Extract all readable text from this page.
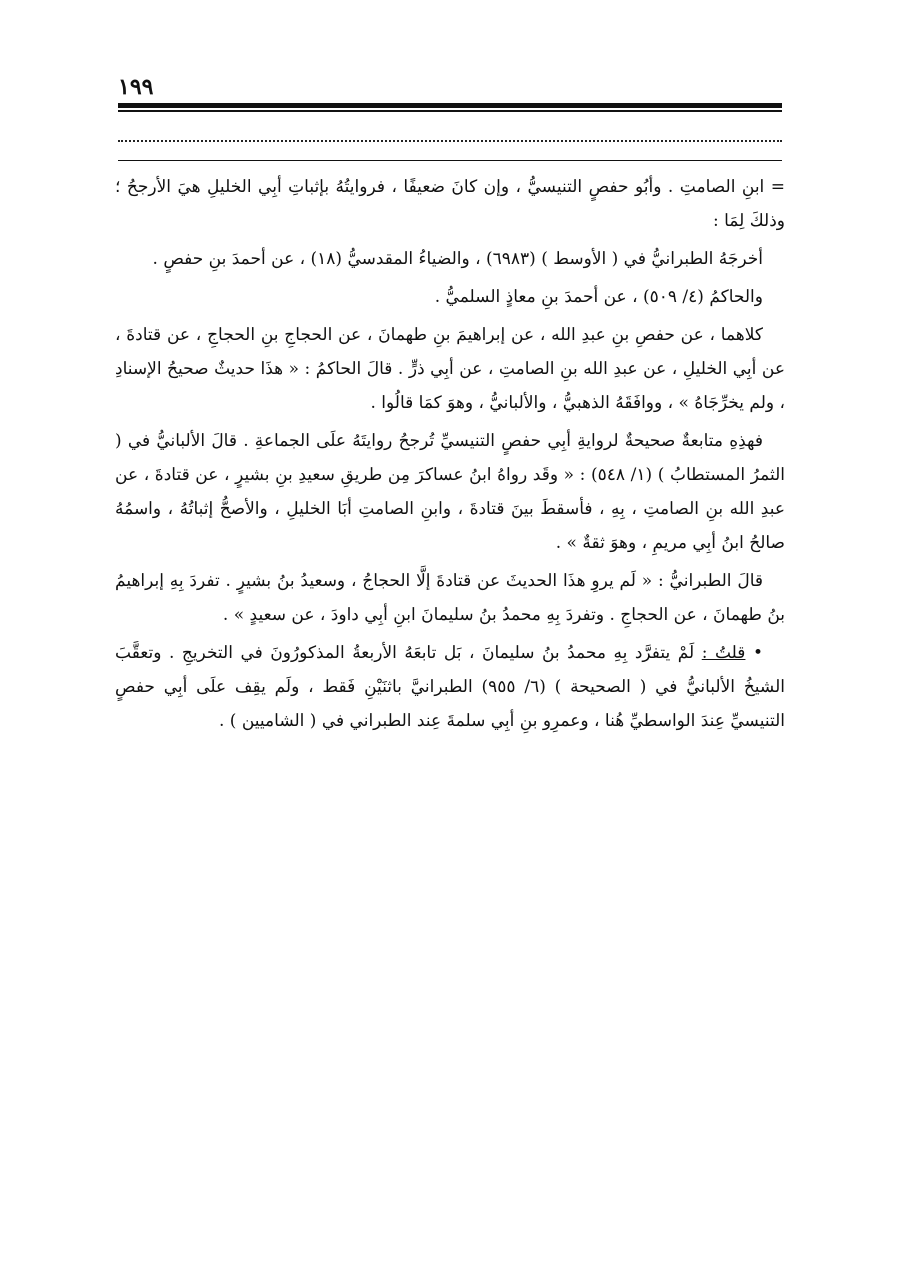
١٩٩

= ابنِ الصامتِ . وأبُو حفصٍ التنيسيُّ ، وإن كانَ ضعيفًا ، فروايتُهُ بإثباتِ أبِي الخليلِ هيَ الأرجحُ ؛ وذلكَ لِمَا :

أخرجَهُ الطبرانيُّ في ( الأوسط ) (٦٩٨٣) ، والضياءُ المقدسيُّ (١٨) ، عن أحمدَ بنِ حفصٍ .

والحاكمُ (٤/ ٥٠٩) ، عن أحمدَ بنِ معاذٍ السلميُّ .

كلاهما ، عن حفصِ بنِ عبدِ الله ، عن إبراهيمَ بنِ طهمانَ ، عن الحجاجِ بنِ الحجاجِ ، عن قتادةَ ، عن أبِي الخليلِ ، عن عبدِ الله بنِ الصامتِ ، عن أبِي ذرٍّ . قالَ الحاكمُ : « هذَا حديثٌ صحيحُ الإسنادِ ، ولم يخرِّجَاهُ » ، ووافَقَهُ الذهبيُّ ، والألبانيُّ ، وهوَ كمَا قالُوا .

فهذِهِ متابعةٌ صحيحةٌ لروايةِ أبِي حفصٍ التنيسيِّ تُرجحُ روايتَهُ علَى الجماعةِ . قالَ الألبانيُّ في ( الثمرُ المستطابُ ) (١/ ٥٤٨) : « وقَد رواهُ ابنُ عساكرَ مِن طريقِ سعيدِ بنِ بشيرٍ ، عن قتادةَ ، عن عبدِ الله بنِ الصامتِ ، بِهِ ، فأسقطَ بينَ قتادةَ ، وابنِ الصامتِ أبَا الخليلِ ، والأصحُّ إثباتُهُ ، واسمُهُ صالحُ ابنُ أبِي مريمِ ، وهوَ ثقةٌ » .

قالَ الطبرانيُّ : « لَم يروِ هذَا الحديثَ عن قتادةَ إلَّا الحجاجُ ، وسعيدُ بنُ بشيرٍ . تفردَ بِهِ إبراهيمُ بنُ طهمانَ ، عن الحجاجِ . وتفردَ بِهِ محمدُ بنُ سليمانَ ابنِ أبِي داودَ ، عن سعيدٍ » .

• قلتُ : لَمْ يتفرَّد بِهِ محمدُ بنُ سليمانَ ، بَل تابعَهُ الأربعةُ المذكورُونَ في التخريجِ . وتعقَّبَ الشيخُ الألبانيُّ في ( الصحيحة ) (٦/ ٩٥٥) الطبرانيَّ باثنَيْنِ فَقط ، ولَم يقِف علَى أبِي حفصٍ التنيسيِّ عِندَ الواسطيِّ هُنا ، وعمرِو بنِ أبِي سلمةَ عِند الطبراني في ( الشاميين ) .
